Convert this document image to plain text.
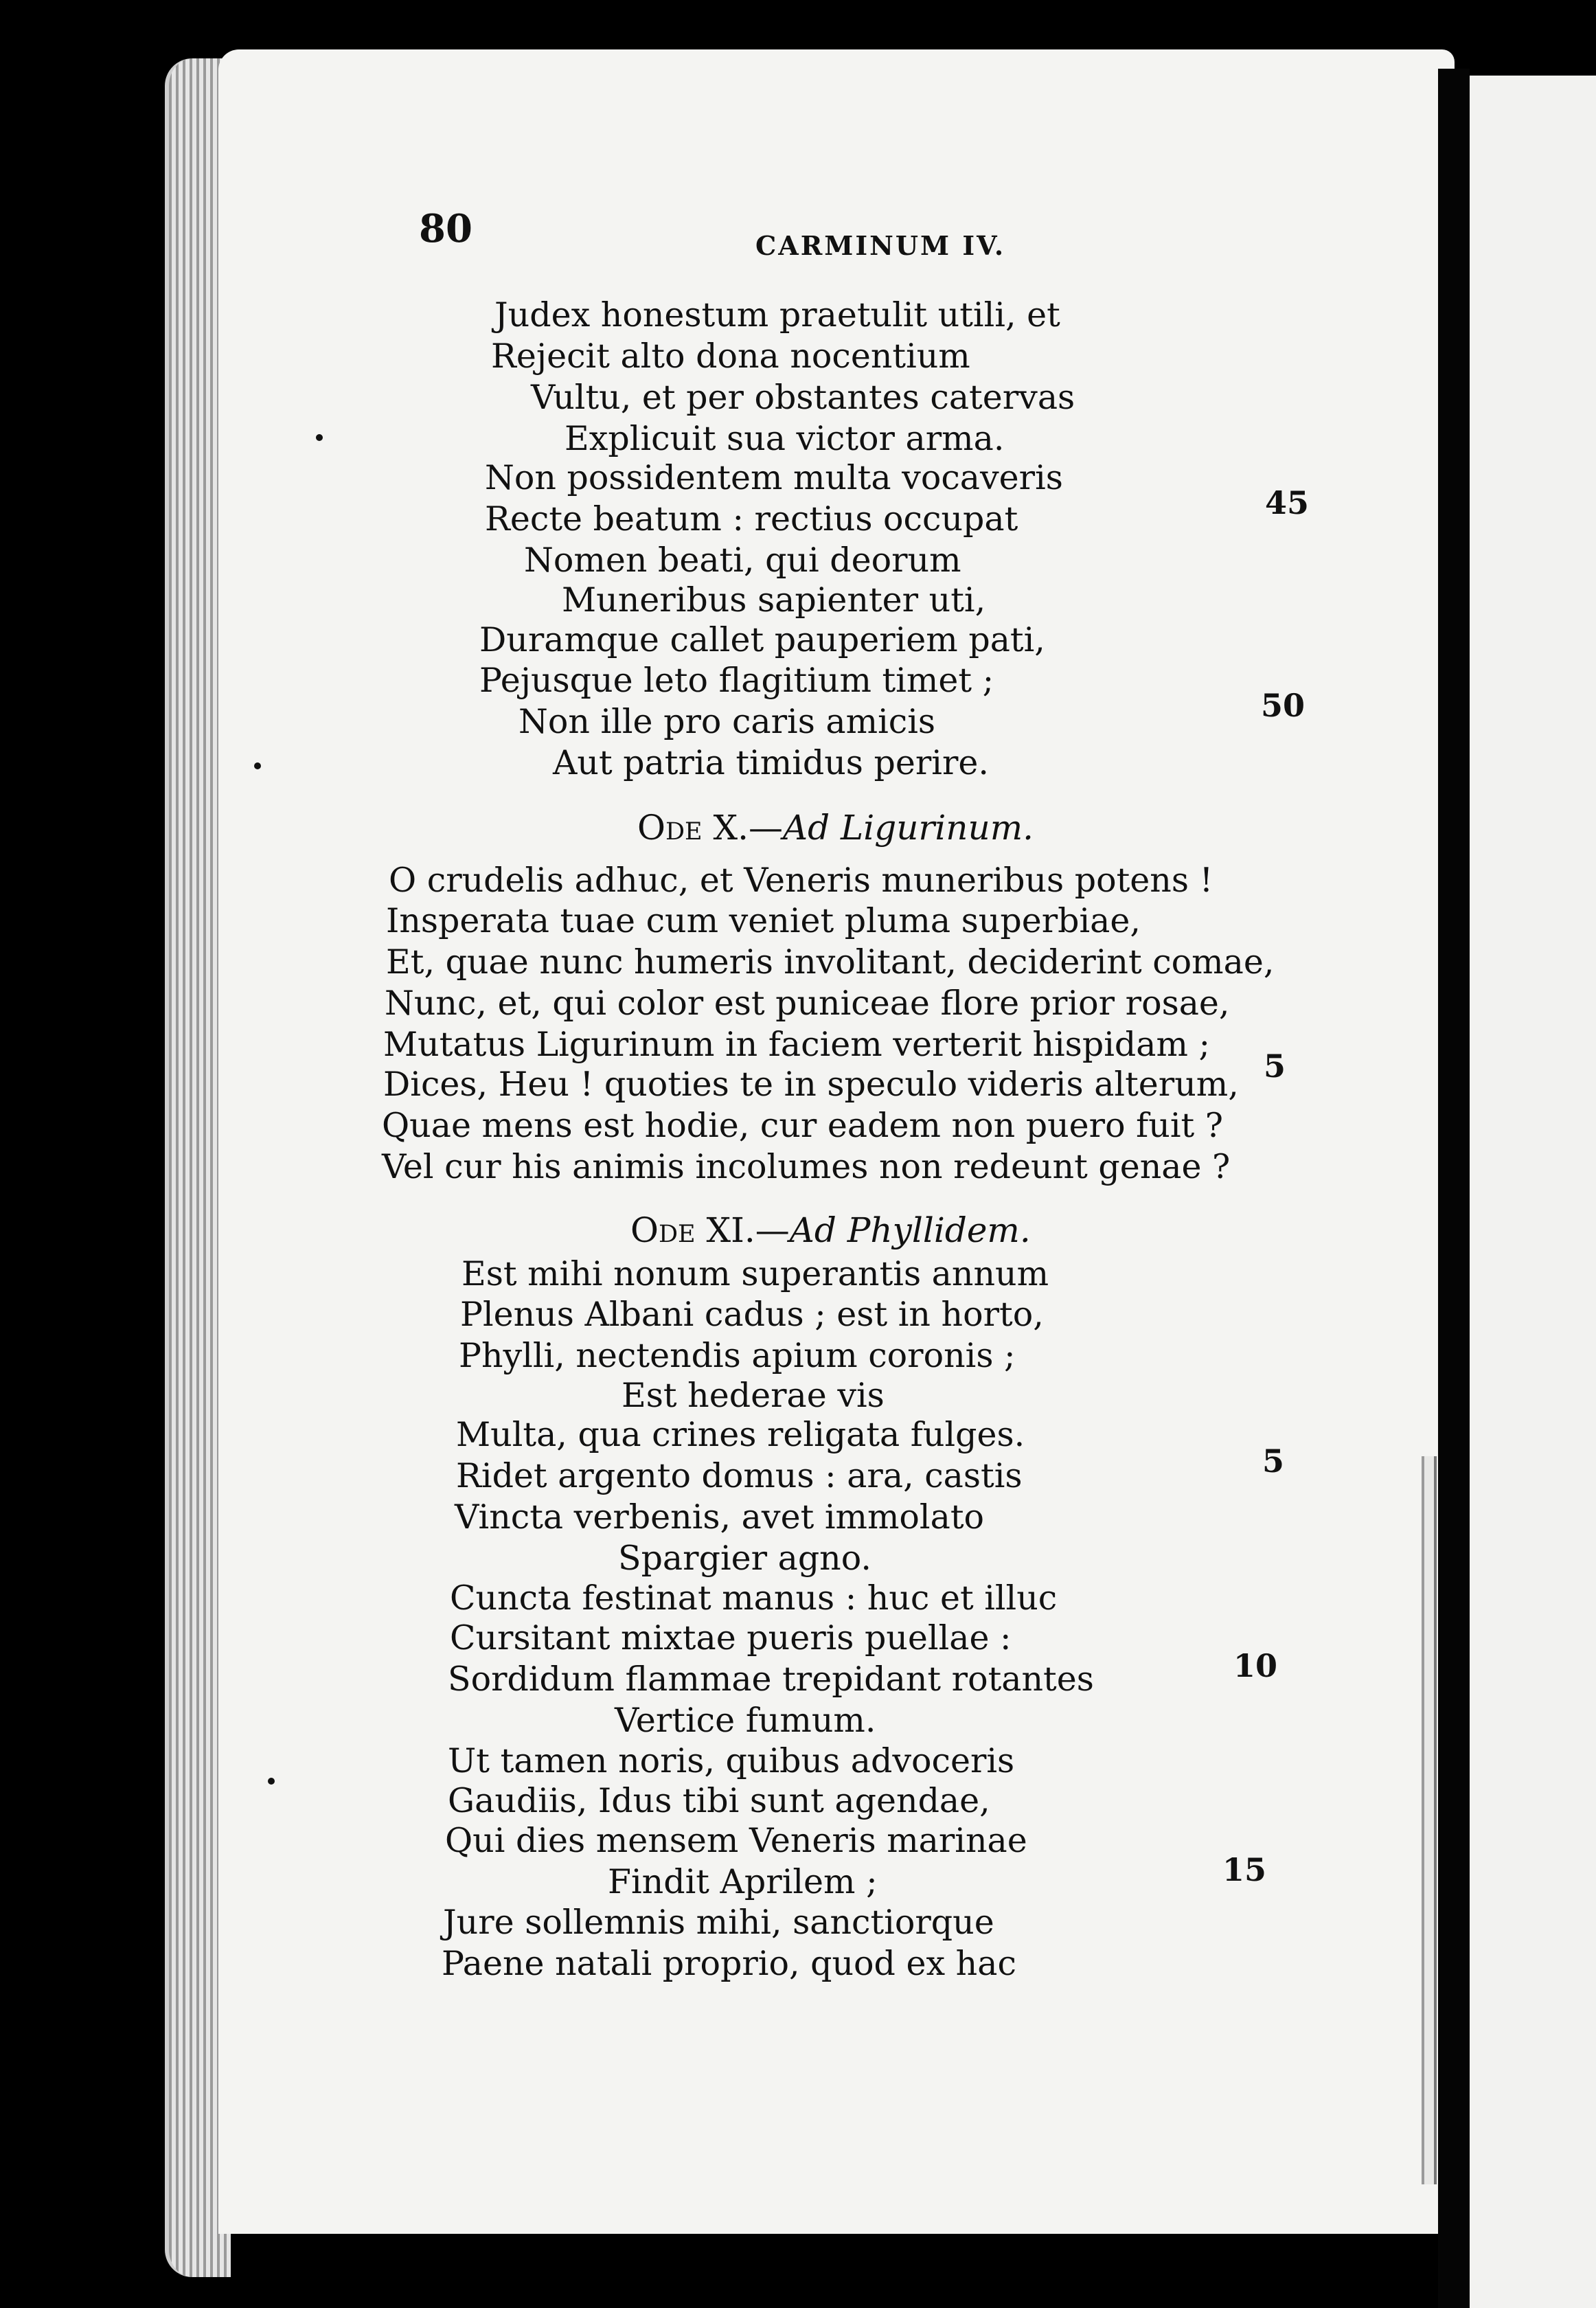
80	CARMINUM IV.
Judex honestum praetulit utili, et
Rejecit alto dona nocentium
Vultu, et per obstantes catervas
Explicuit sua victor arma.
Non possidentem multa vocaveris
Recte beatum : rectius occupat
Nomen beati, qui deorum
Muneribus sapienter uti,
Duramque callet pauperiem pati,
Pejusque leto flagitium timet ;
Non ille pro caris amicis
Aut patria timidus perire.
45
50
Ode X.—Ad Ligurinum.
O crudelis adhuc, et Veneris muneribus potens !
Insperata tuae cum veniet pluma superbiae,
Et, quae nunc humeris involitant, deciderint comae,
Nunc, et, qui color est puniceae flore prior rosae,
Mutatus Ligurinum in faciem verterit hispidam ;
Dices, Heu ! quoties te in speculo videris alterum,
Quae mens est hodie, cur eadem non puero fuit ?
Vel cur his animis incolumes non redeunt genae ?
5
Ode XI.—Ad Phyllidem.
Est mihi nonum superantis annum
Plenus Albani cadus ; est in horto,
Phylli, nectendis apium coronis ;
Est hederae vis
Multa, qua crines religata fulges.
Ridet argento domus : ara, castis
Vincta verbenis, avet immolato
Spargier agno.
Cuncta festinat manus : huc et illuc
Cursitant mixtae pueris puellae :
Sordidum flammae trepidant rotantes
Vertice fumum.
Ut tamen noris, quibus advoceris
Gaudiis, Idus tibi sunt agendae,
Qui dies mensem Veneris marinae
Findit Aprilem ;
Jure sollemnis mihi, sanctiorque
Paene natali proprio, quod ex hac
5
10
15
